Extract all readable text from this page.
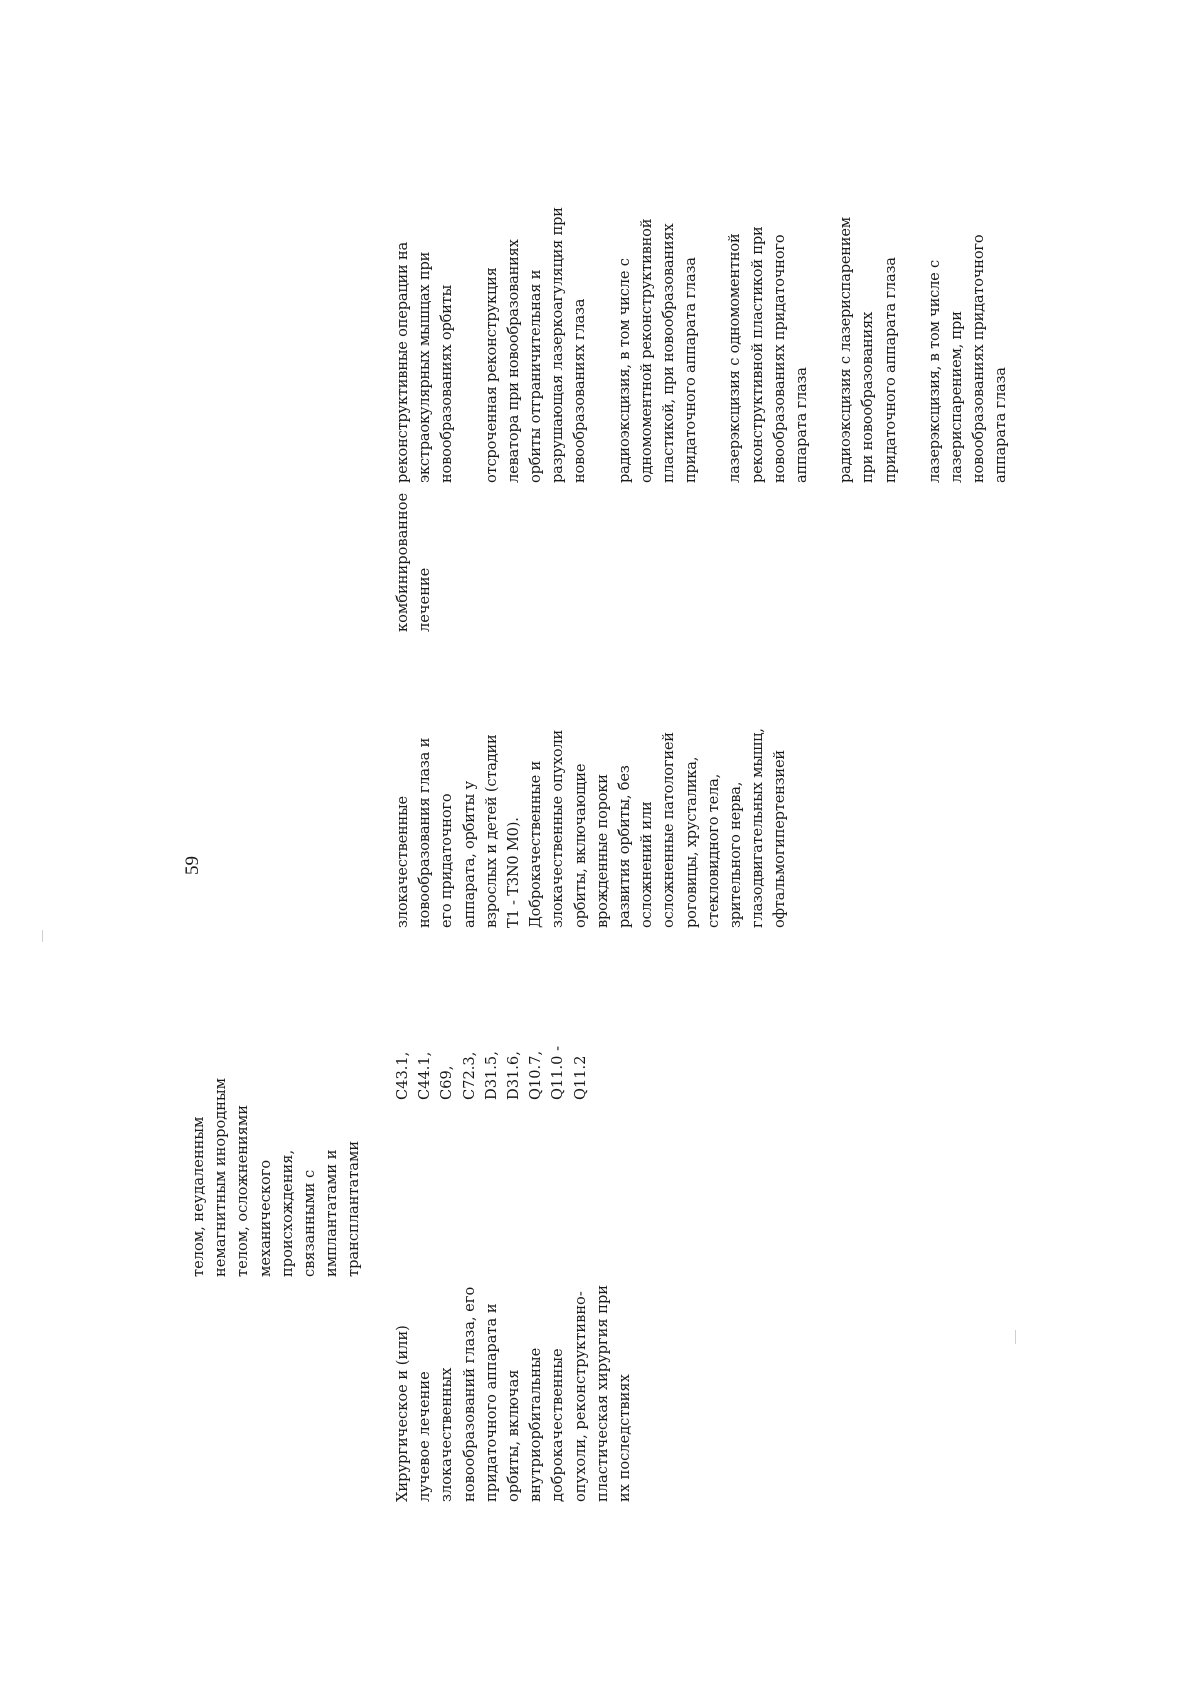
59
телом, неудаленным немагнитным инородным телом, осложнениями механического происхождения, связанными с имплантатами и трансплантатами
Хирургическое и (или) лучевое лечение злокачественных новообразований глаза, его придаточного аппарата и орбиты, включая внутриорбитальные доброкачественные опухоли, реконструктивно- пластическая хирургия при их последствиях
C43.1, C44.1, C69, C72.3, D31.5, D31.6, Q10.7, Q11.0 - Q11.2
злокачественные новообразования глаза и его придаточного аппарата, орбиты у взрослых и детей (стадии T1 - T3N0 M0). Доброкачественные и злокачественные опухоли орбиты, включающие врожденные пороки развития орбиты, без осложнений или осложненные патологией роговицы, хрусталика, стекловидного тела, зрительного нерва, глазодвигательных мышц, офтальмогипертензией
комбинированное лечение
реконструктивные операции на экстраокулярных мышцах при новообразованиях орбиты отсроченная реконструкция леватора при новообразованиях орбиты отграничительная и разрушающая лазеркоагуляция при новообразованиях глаза радиоэксцизия, в том числе с одномоментной реконструктивной пластикой, при новообразованиях придаточного аппарата глаза лазерэксцизия с одномоментной реконструктивной пластикой при новообразованиях придаточного аппарата глаза радиоэксцизия с лазериспарением при новообразованиях придаточного аппарата глаза лазерэксцизия, в том числе с лазериспарением, при новообразованиях придаточного аппарата глаза
